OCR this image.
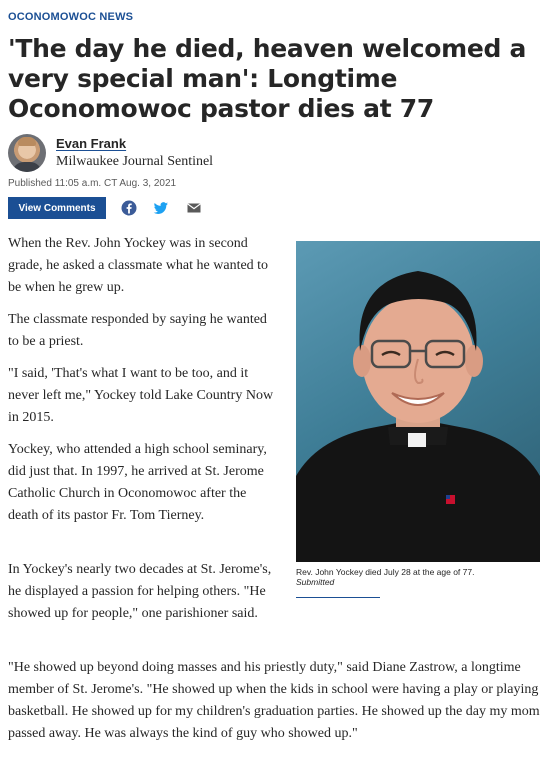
OCONOMOWOC NEWS
'The day he died, heaven welcomed a very special man': Longtime Oconomowoc pastor dies at 77
Evan Frank
Milwaukee Journal Sentinel
Published 11:05 a.m. CT Aug. 3, 2021
View Comments

When the Rev. John Yockey was in second grade, he asked a classmate what he wanted to be when he grew up.

The classmate responded by saying he wanted to be a priest.

"I said, 'That's what I want to be too, and it never left me," Yockey told Lake Country Now in 2015.

Yockey, who attended a high school seminary, did just that. In 1997, he arrived at St. Jerome Catholic Church in Oconomowoc after the death of its pastor Fr. Tom Tierney.

In Yockey's nearly two decades at St. Jerome's, he displayed a passion for helping others. "He showed up for people," one parishioner said.

"He showed up beyond doing masses and his priestly duty," said Diane Zastrow, a longtime member of St. Jerome's. "He showed up when the kids in school were having a play or playing basketball. He showed up for my children's graduation parties. He showed up the day my mom passed away. He was always the kind of guy who showed up."

Rev. John Yockey died July 28 at the age of 77.
Submitted
